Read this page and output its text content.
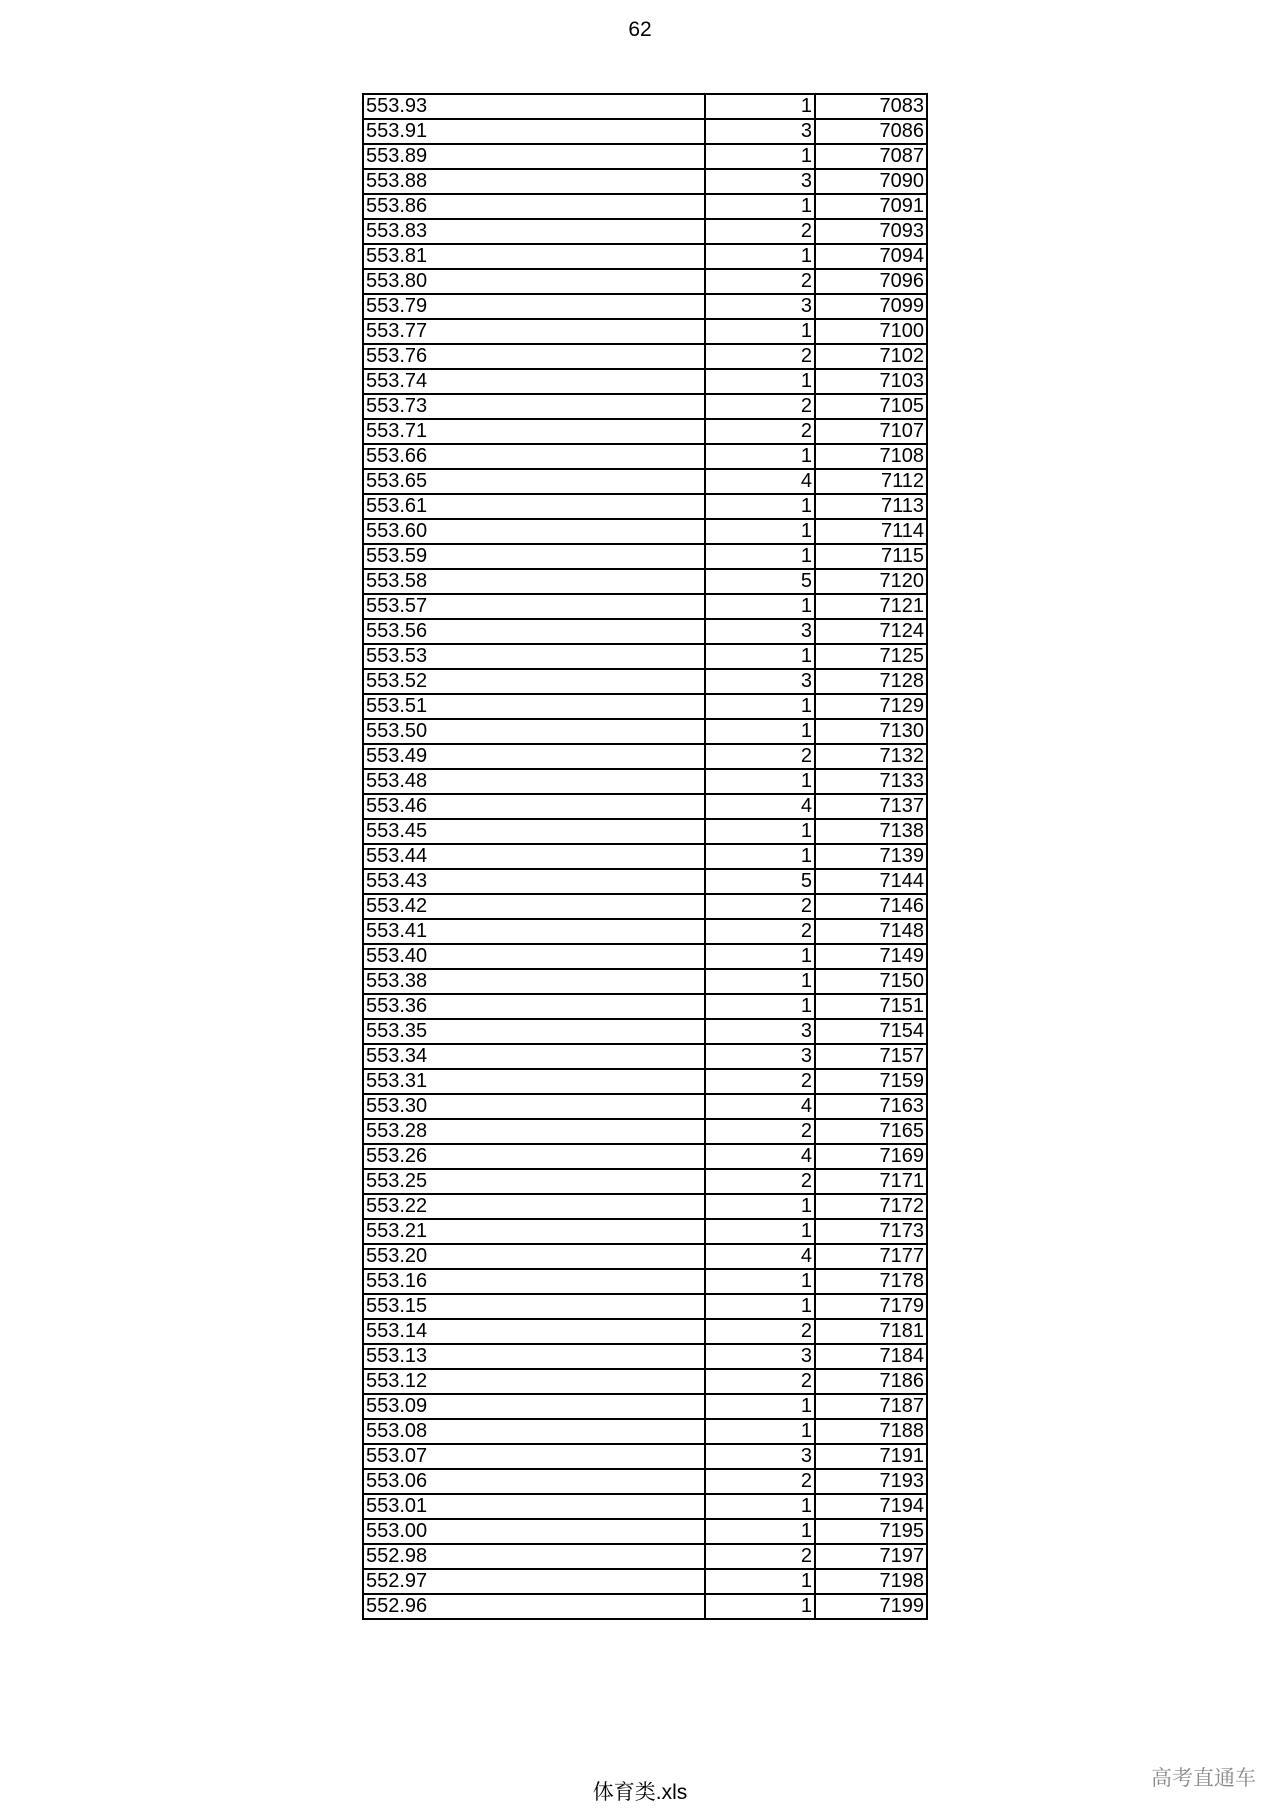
62
553.93	1	7083
553.91	3	7086
553.89	1	7087
553.88	3	7090
553.86	1	7091
553.83	2	7093
553.81	1	7094
553.80	2	7096
553.79	3	7099
553.77	1	7100
553.76	2	7102
553.74	1	7103
553.73	2	7105
553.71	2	7107
553.66	1	7108
553.65	4	7112
553.61	1	7113
553.60	1	7114
553.59	1	7115
553.58	5	7120
553.57	1	7121
553.56	3	7124
553.53	1	7125
553.52	3	7128
553.51	1	7129
553.50	1	7130
553.49	2	7132
553.48	1	7133
553.46	4	7137
553.45	1	7138
553.44	1	7139
553.43	5	7144
553.42	2	7146
553.41	2	7148
553.40	1	7149
553.38	1	7150
553.36	1	7151
553.35	3	7154
553.34	3	7157
553.31	2	7159
553.30	4	7163
553.28	2	7165
553.26	4	7169
553.25	2	7171
553.22	1	7172
553.21	1	7173
553.20	4	7177
553.16	1	7178
553.15	1	7179
553.14	2	7181
553.13	3	7184
553.12	2	7186
553.09	1	7187
553.08	1	7188
553.07	3	7191
553.06	2	7193
553.01	1	7194
553.00	1	7195
552.98	2	7197
552.97	1	7198
552.96	1	7199
体育类.xls
高考直通车
